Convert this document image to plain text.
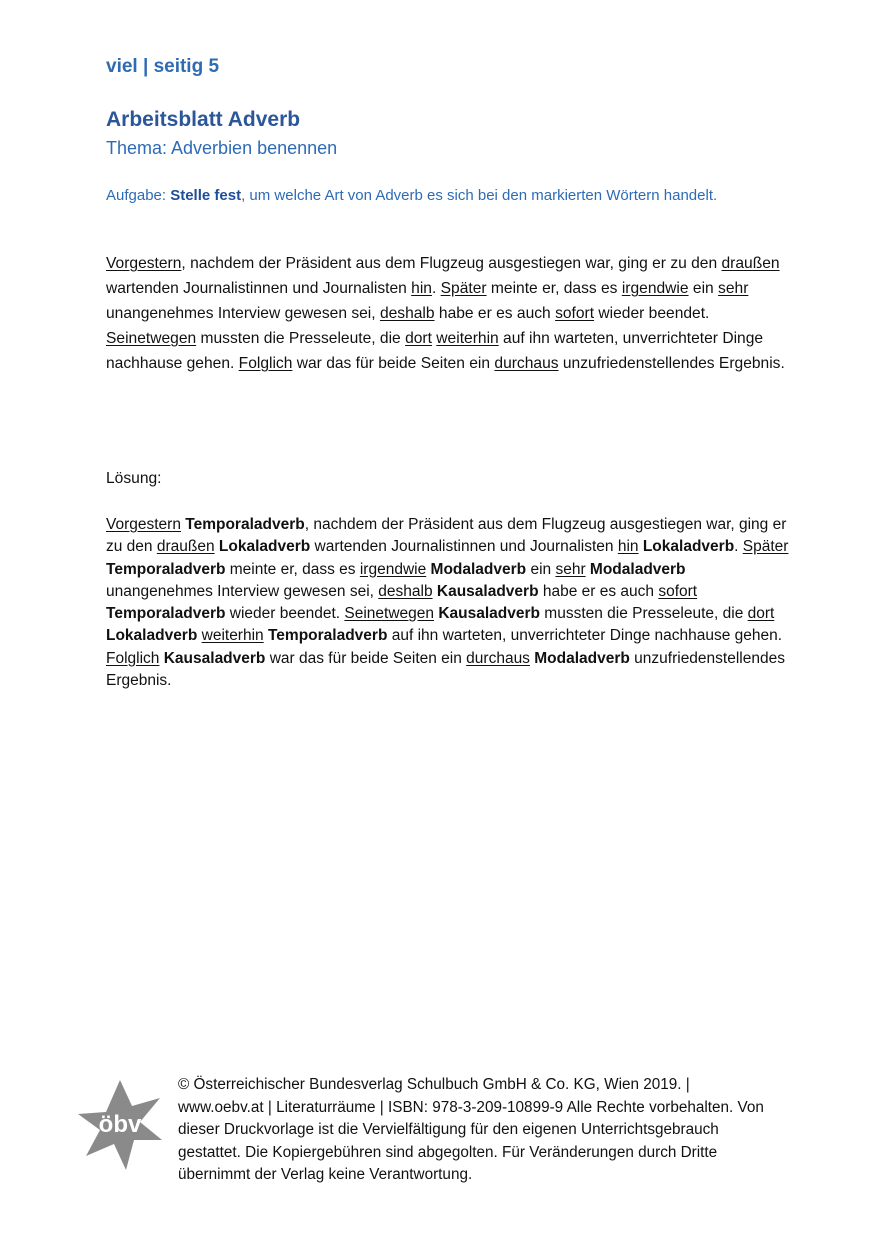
viel | seitig 5
Arbeitsblatt Adverb
Thema: Adverbien benennen
Aufgabe: Stelle fest, um welche Art von Adverb es sich bei den markierten Wörtern handelt.
Vorgestern, nachdem der Präsident aus dem Flugzeug ausgestiegen war, ging er zu den draußen wartenden Journalistinnen und Journalisten hin. Später meinte er, dass es irgendwie ein sehr unangenehmes Interview gewesen sei, deshalb habe er es auch sofort wieder beendet. Seinetwegen mussten die Presseleute, die dort weiterhin auf ihn warteten, unverrichteter Dinge nachhause gehen. Folglich war das für beide Seiten ein durchaus unzufriedenstellendes Ergebnis.
Lösung:
Vorgestern Temporaladverb, nachdem der Präsident aus dem Flugzeug ausgestiegen war, ging er zu den draußen Lokaladverb wartenden Journalistinnen und Journalisten hin Lokaladverb. Später Temporaladverb meinte er, dass es irgendwie Modaladverb ein sehr Modaladverb unangenehmes Interview gewesen sei, deshalb Kausaladverb habe er es auch sofort Temporaladverb wieder beendet. Seinetwegen Kausaladverb mussten die Presseleute, die dort Lokaladverb weiterhin Temporaladverb auf ihn warteten, unverrichteter Dinge nachhause gehen. Folglich Kausaladverb war das für beide Seiten ein durchaus Modaladverb unzufriedenstellendes Ergebnis.
öbv
© Österreichischer Bundesverlag Schulbuch GmbH & Co. KG, Wien 2019. | www.oebv.at | Literaturräume | ISBN: 978-3-209-10899-9 Alle Rechte vorbehalten. Von dieser Druckvorlage ist die Vervielfältigung für den eigenen Unterrichtsgebrauch gestattet. Die Kopiergebühren sind abgegolten. Für Veränderungen durch Dritte übernimmt der Verlag keine Verantwortung.
